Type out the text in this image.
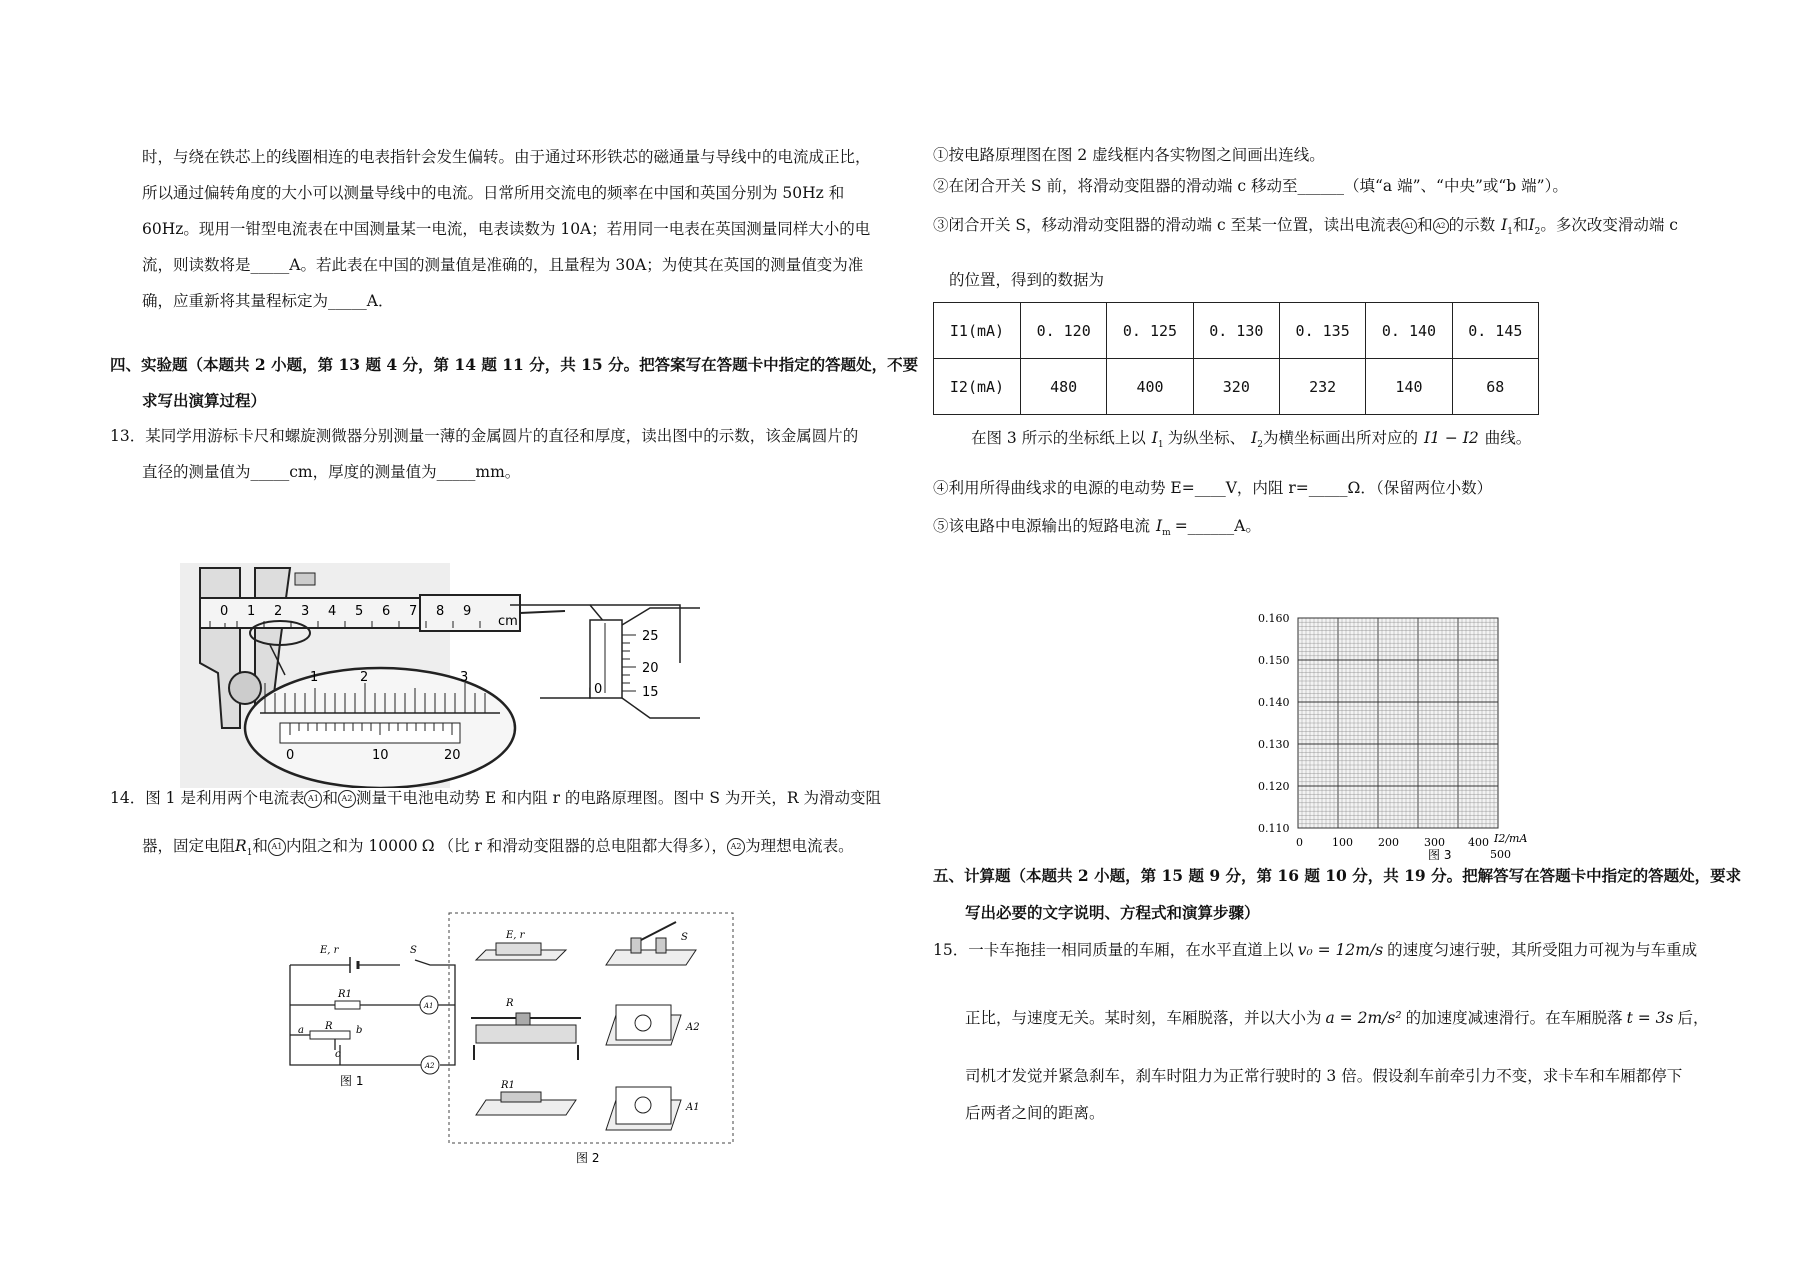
时，与绕在铁芯上的线圈相连的电表指针会发生偏转。由于通过环形铁芯的磁通量与导线中的电流成正比，
所以通过偏转角度的大小可以测量导线中的电流。日常所用交流电的频率在中国和英国分别为 50Hz 和
60Hz。现用一钳型电流表在中国测量某一电流，电表读数为 10A；若用同一电表在英国测量同样大小的电
流，则读数将是_____A。若此表在中国的测量值是准确的，且量程为 30A；为使其在英国的测量值变为准
确，应重新将其量程标定为_____A．
四、实验题（本题共 2 小题，第 13 题 4 分，第 14 题 11 分，共 15 分。把答案写在答题卡中指定的答题处，不要
求写出演算过程）
13．某同学用游标卡尺和螺旋测微器分别测量一薄的金属圆片的直径和厚度，读出图中的示数，该金属圆片的
直径的测量值为_____cm，厚度的测量值为_____mm。
0 1 2 3 4 5 6 7 8 9
cm
1	2	3
0	10	20
25
20
15
0
14．图 1 是利用两个电流表 A1 和 A2 测量干电池电动势 E 和内阻 r 的电路原理图。图中 S 为开关，R 为滑动变阻
器，固定电阻$R_1$和 A1 内阻之和为 10000 Ω （比 r 和滑动变阻器的总电阻都大得多）， A2 为理想电流表。
E, r	S
R1
R
a	b
c
A1
A2
图 1
E, r	S
R
R1
A1
A2
图 2
①按电路原理图在图 2 虚线框内各实物图之间画出连线。
②在闭合开关 S 前，将滑动变阻器的滑动端 c 移动至______（填“a 端”、“中央”或“b 端”）。
③闭合开关 S，移动滑动变阻器的滑动端 c 至某一位置，读出电流表 A1 和 A2 的示数 $I_1$和$I_2$。多次改变滑动端 c
的位置，得到的数据为
I1(mA)	0. 120	0. 125	0. 130	0. 135	0. 140	0. 145
I2(mA)	480	400	320	232	140	68
在图 3 所示的坐标纸上以 $I_1$ 为纵坐标、 $I_2$为横坐标画出所对应的 I1 − I2 曲线。
④利用所得曲线求的电源的电动势 E=____V，内阻 r=_____Ω．（保留两位小数）
⑤该电路中电源输出的短路电流 $I_m$ =______A。
0.160
0.150
0.140
0.130
0.120
0.110
0	100 200 300 400
500
I2/mA
图 3
五、计算题（本题共 2 小题，第 15 题 9 分，第 16 题 10 分，共 19 分。把解答写在答题卡中指定的答题处，要求
写出必要的文字说明、方程式和演算步骤）
15．一卡车拖挂一相同质量的车厢，在水平直道上以 v₀ = 12m/s 的速度匀速行驶，其所受阻力可视为与车重成
正比，与速度无关。某时刻，车厢脱落，并以大小为 a = 2m/s² 的加速度减速滑行。在车厢脱落 t = 3s 后，
司机才发觉并紧急刹车，刹车时阻力为正常行驶时的 3 倍。假设刹车前牵引力不变，求卡车和车厢都停下
后两者之间的距离。
